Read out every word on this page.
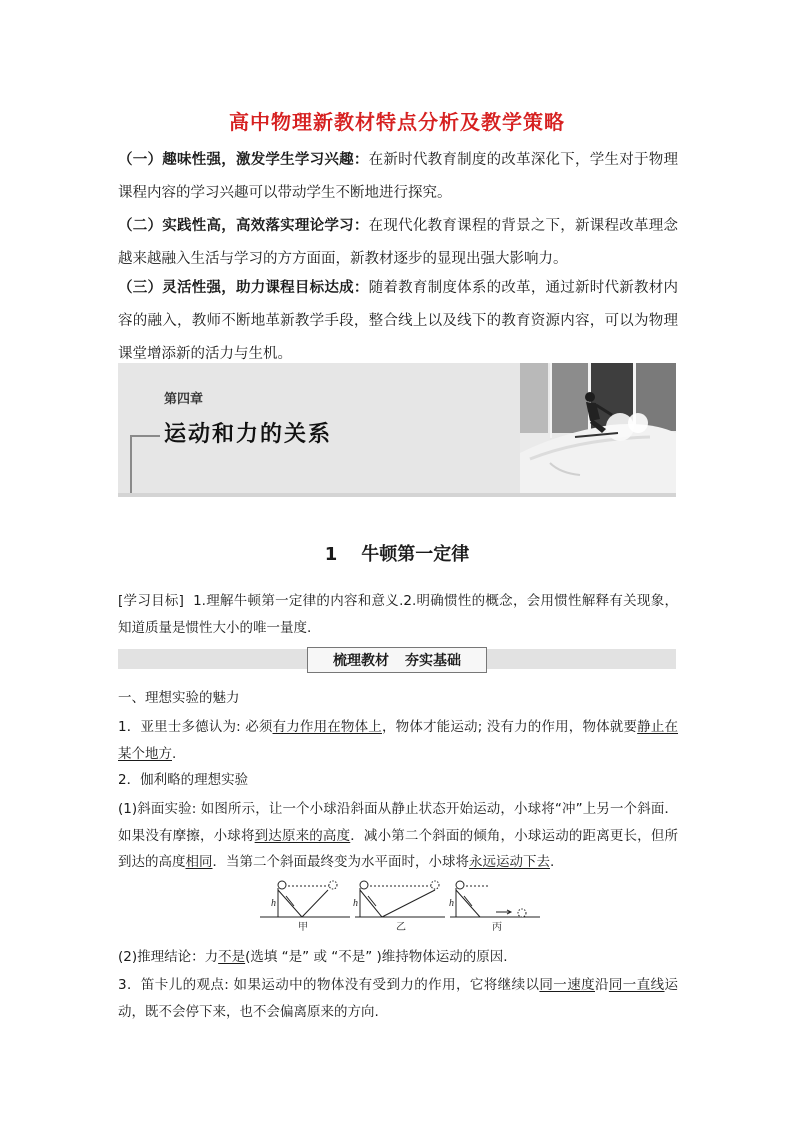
高中物理新教材特点分析及教学策略
（一）趣味性强，激发学生学习兴趣：在新时代教育制度的改革深化下，学生对于物理课程内容的学习兴趣可以带动学生不断地进行探究。
（二）实践性高，高效落实理论学习：在现代化教育课程的背景之下，新课程改革理念越来越融入生活与学习的方方面面，新教材逐步的显现出强大影响力。
（三）灵活性强，助力课程目标达成：随着教育制度体系的改革，通过新时代新教材内容的融入，教师不断地革新教学手段，整合线上以及线下的教育资源内容，可以为物理课堂增添新的活力与生机。
第四章
运动和力的关系
1 牛顿第一定律
[学习目标] 1.理解牛顿第一定律的内容和意义.2.明确惯性的概念，会用惯性解释有关现象，知道质量是惯性大小的唯一量度.
梳理教材 夯实基础
一、理想实验的魅力
1．亚里士多德认为: 必须有力作用在物体上，物体才能运动; 没有力的作用，物体就要静止在某个地方.
2．伽利略的理想实验
(1)斜面实验: 如图所示，让一个小球沿斜面从静止状态开始运动，小球将“冲”上另一个斜面．如果没有摩擦，小球将到达原来的高度．减小第二个斜面的倾角，小球运动的距离更长，但所到达的高度相同．当第二个斜面最终变为水平面时，小球将永远运动下去.
h	h	h
甲	乙	丙
(2)推理结论：力不是(选填 “是” 或 “不是” )维持物体运动的原因.
3．笛卡儿的观点: 如果运动中的物体没有受到力的作用，它将继续以同一速度沿同一直线运动，既不会停下来，也不会偏离原来的方向.
